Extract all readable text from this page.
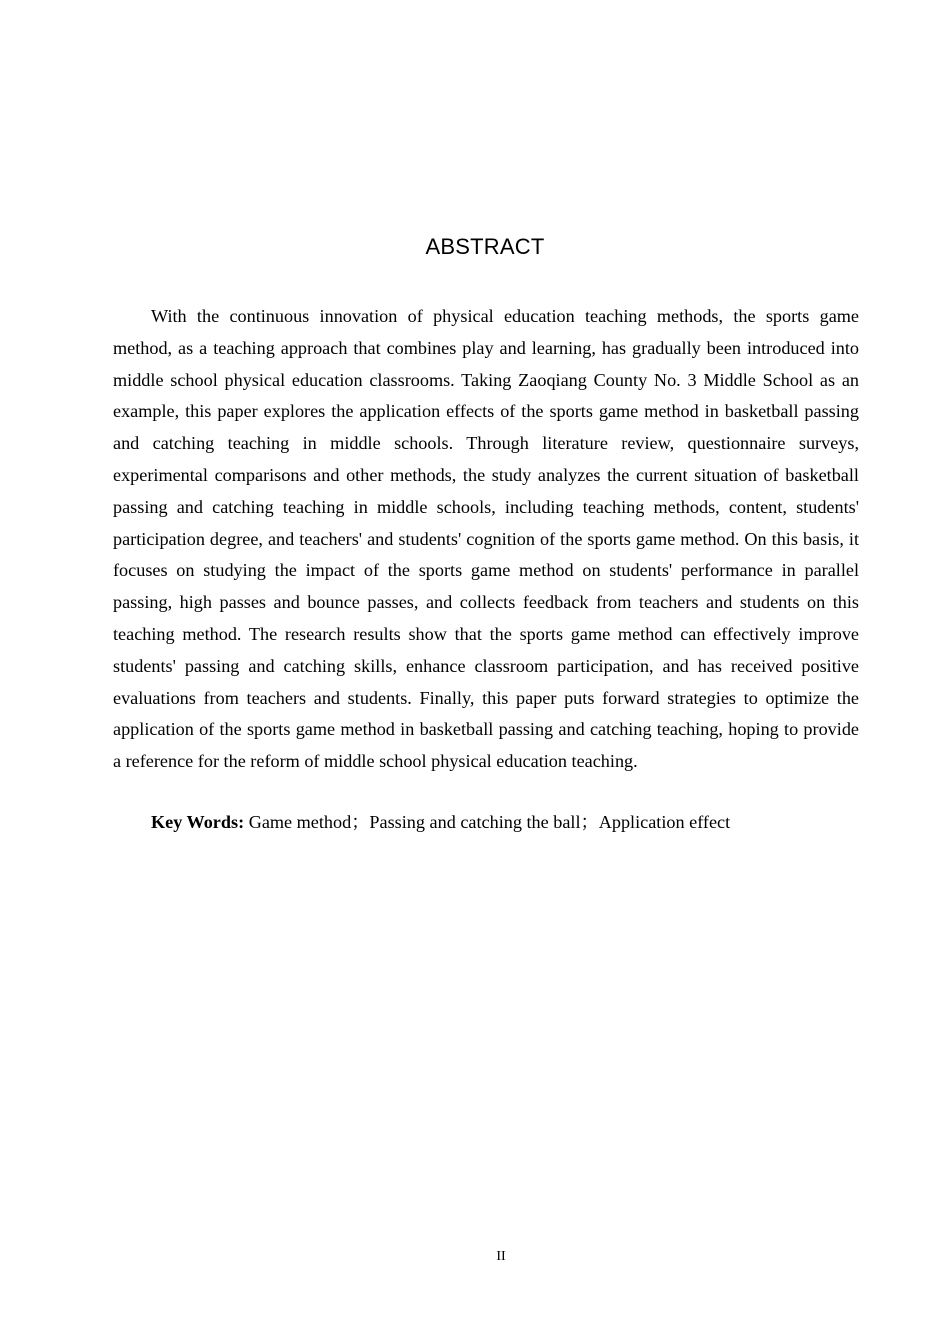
ABSTRACT

With the continuous innovation of physical education teaching methods, the sports game method, as a teaching approach that combines play and learning, has gradually been introduced into middle school physical education classrooms. Taking Zaoqiang County No. 3 Middle School as an example, this paper explores the application effects of the sports game method in basketball passing and catching teaching in middle schools. Through literature review, questionnaire surveys, experimental comparisons and other methods, the study analyzes the current situation of basketball passing and catching teaching in middle schools, including teaching methods, content, students' participation degree, and teachers' and students' cognition of the sports game method. On this basis, it focuses on studying the impact of the sports game method on students' performance in parallel passing, high passes and bounce passes, and collects feedback from teachers and students on this teaching method. The research results show that the sports game method can effectively improve students' passing and catching skills, enhance classroom participation, and has received positive evaluations from teachers and students. Finally, this paper puts forward strategies to optimize the application of the sports game method in basketball passing and catching teaching, hoping to provide a reference for the reform of middle school physical education teaching.

Key Words: Game method；Passing and catching the ball；Application effect

II
